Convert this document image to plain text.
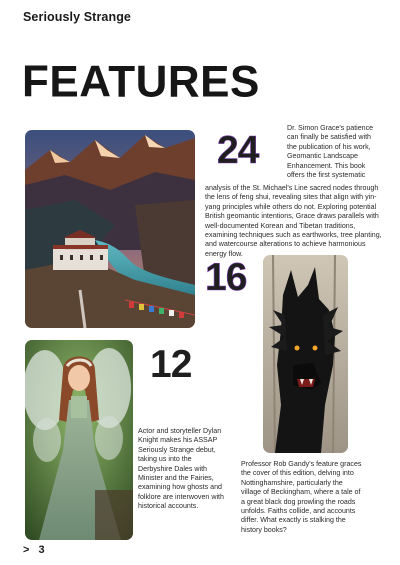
Seriously Strange
FEATURES
24
Dr. Simon Grace's patience can finally be satisfied with the publication of his work, Geomantic Landscape Enhancement. This book offers the first systematic
analysis of the St. Michael's Line sacred nodes through the lens of feng shui, revealing sites that align with yin-yang principles while others do not. Exploring potential British geomantic intentions, Grace draws parallels with well-documented Korean and Tibetan traditions, examining techniques such as earthworks, tree planting, and watercourse alterations to achieve harmonious energy flow.
16
12
Actor and storyteller Dylan Knight makes his ASSAP Seriously Strange debut, taking us into the Derbyshire Dales with Minister and the Fairies, examining how ghosts and folklore are interwoven with historical accounts.
Professor Rob Gandy's feature graces the cover of this edition, delving into Nottinghamshire, particularly the village of Beckingham, where a tale of a great black dog prowling the roads unfolds. Faiths collide, and accounts differ. What exactly is stalking the history books?
> 3
